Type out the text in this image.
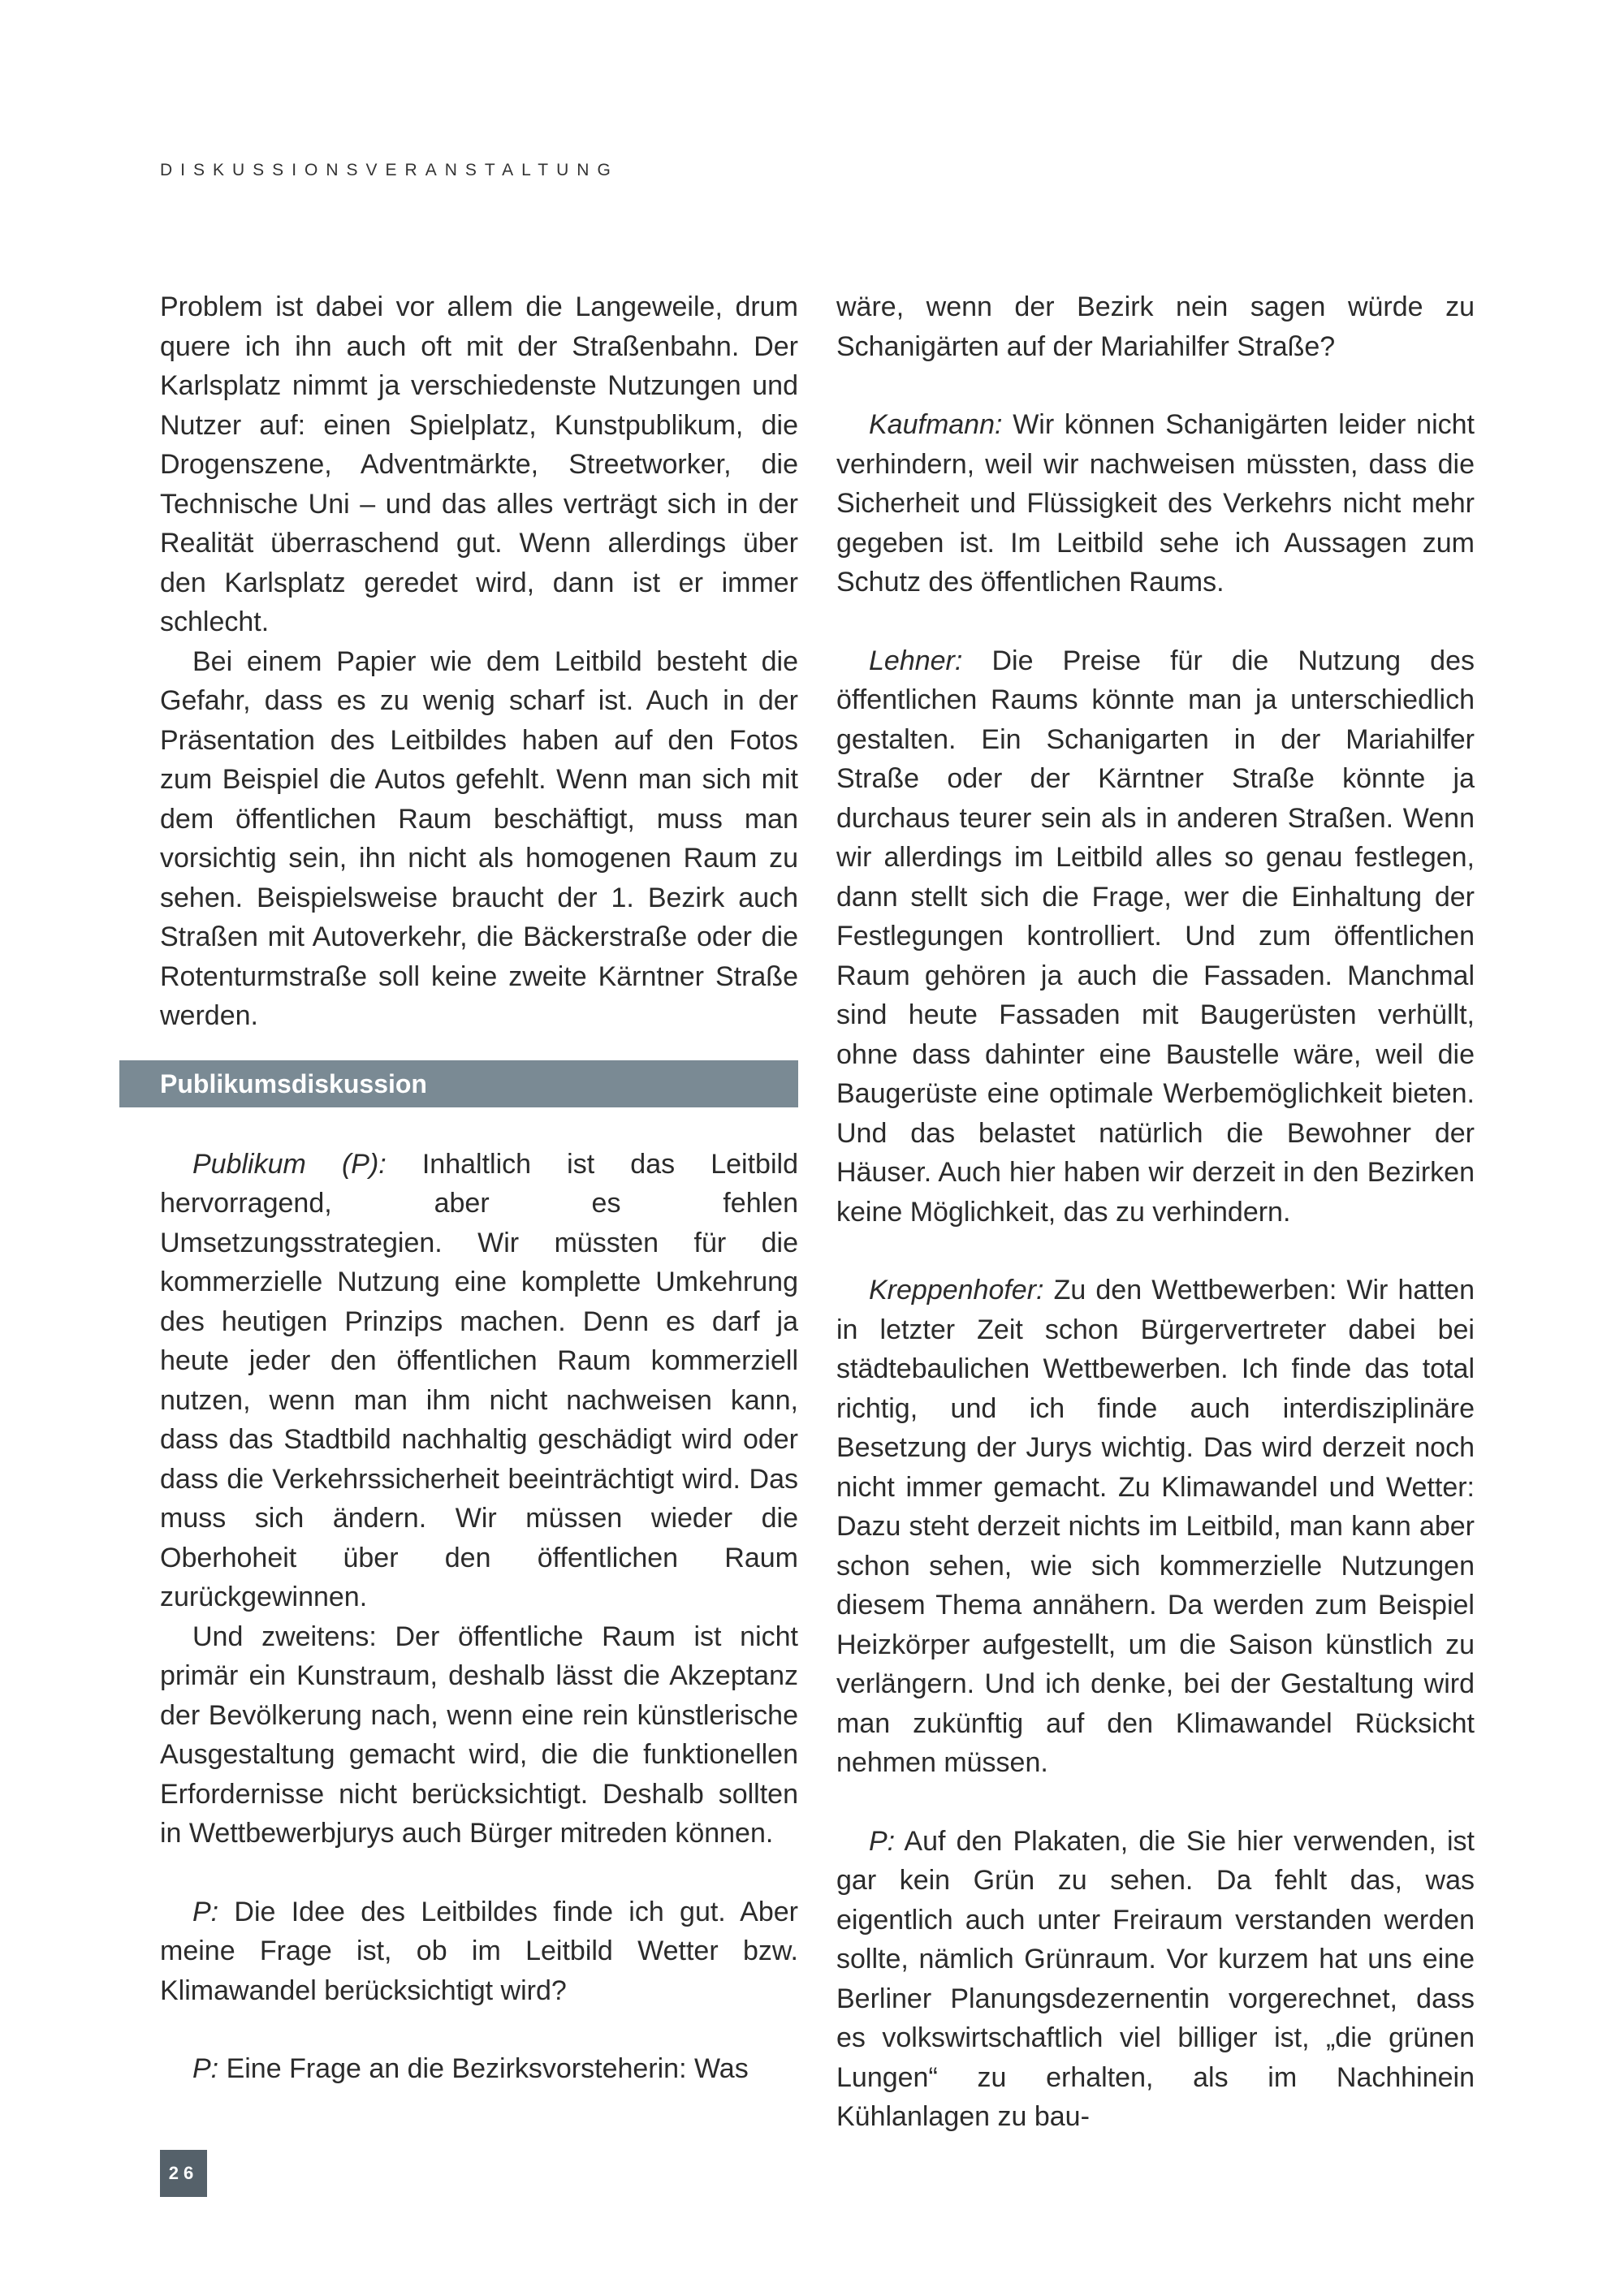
DISKUSSIONSVERANSTALTUNG

Problem ist dabei vor allem die Langeweile, drum quere ich ihn auch oft mit der Straßenbahn. Der Karlsplatz nimmt ja verschiedenste Nutzungen und Nutzer auf: einen Spielplatz, Kunstpublikum, die Drogenszene, Adventmärkte, Streetworker, die Technische Uni – und das alles verträgt sich in der Realität überraschend gut. Wenn allerdings über den Karlsplatz geredet wird, dann ist er immer schlecht.

Bei einem Papier wie dem Leitbild besteht die Gefahr, dass es zu wenig scharf ist. Auch in der Präsentation des Leitbildes haben auf den Fotos zum Beispiel die Autos gefehlt. Wenn man sich mit dem öffentlichen Raum beschäftigt, muss man vorsichtig sein, ihn nicht als homogenen Raum zu sehen. Beispielsweise braucht der 1. Bezirk auch Straßen mit Autoverkehr, die Bäckerstraße oder die Rotenturmstraße soll keine zweite Kärntner Straße werden.

Publikumsdiskussion

Publikum (P): Inhaltlich ist das Leitbild hervorragend, aber es fehlen Umsetzungsstrategien. Wir müssten für die kommerzielle Nutzung eine komplette Umkehrung des heutigen Prinzips machen. Denn es darf ja heute jeder den öffentlichen Raum kommerziell nutzen, wenn man ihm nicht nachweisen kann, dass das Stadtbild nachhaltig geschädigt wird oder dass die Verkehrssicherheit beeinträchtigt wird. Das muss sich ändern. Wir müssen wieder die Oberhoheit über den öffentlichen Raum zurückgewinnen.

Und zweitens: Der öffentliche Raum ist nicht primär ein Kunstraum, deshalb lässt die Akzeptanz der Bevölkerung nach, wenn eine rein künstlerische Ausgestaltung gemacht wird, die die funktionellen Erfordernisse nicht berücksichtigt. Deshalb sollten in Wettbewerbjurys auch Bürger mitreden können.

P: Die Idee des Leitbildes finde ich gut. Aber meine Frage ist, ob im Leitbild Wetter bzw. Klimawandel berücksichtigt wird?

P: Eine Frage an die Bezirksvorsteherin: Was

wäre, wenn der Bezirk nein sagen würde zu Schanigärten auf der Mariahilfer Straße?

Kaufmann: Wir können Schanigärten leider nicht verhindern, weil wir nachweisen müssten, dass die Sicherheit und Flüssigkeit des Verkehrs nicht mehr gegeben ist. Im Leitbild sehe ich Aussagen zum Schutz des öffentlichen Raums.

Lehner: Die Preise für die Nutzung des öffentlichen Raums könnte man ja unterschiedlich gestalten. Ein Schanigarten in der Mariahilfer Straße oder der Kärntner Straße könnte ja durchaus teurer sein als in anderen Straßen. Wenn wir allerdings im Leitbild alles so genau festlegen, dann stellt sich die Frage, wer die Einhaltung der Festlegungen kontrolliert. Und zum öffentlichen Raum gehören ja auch die Fassaden. Manchmal sind heute Fassaden mit Baugerüsten verhüllt, ohne dass dahinter eine Baustelle wäre, weil die Baugerüste eine optimale Werbemöglichkeit bieten. Und das belastet natürlich die Bewohner der Häuser. Auch hier haben wir derzeit in den Bezirken keine Möglichkeit, das zu verhindern.

Kreppenhofer: Zu den Wettbewerben: Wir hatten in letzter Zeit schon Bürgervertreter dabei bei städtebaulichen Wettbewerben. Ich finde das total richtig, und ich finde auch interdisziplinäre Besetzung der Jurys wichtig. Das wird derzeit noch nicht immer gemacht. Zu Klimawandel und Wetter: Dazu steht derzeit nichts im Leitbild, man kann aber schon sehen, wie sich kommerzielle Nutzungen diesem Thema annähern. Da werden zum Beispiel Heizkörper aufgestellt, um die Saison künstlich zu verlängern. Und ich denke, bei der Gestaltung wird man zukünftig auf den Klimawandel Rücksicht nehmen müssen.

P: Auf den Plakaten, die Sie hier verwenden, ist gar kein Grün zu sehen. Da fehlt das, was eigentlich auch unter Freiraum verstanden werden sollte, nämlich Grünraum. Vor kurzem hat uns eine Berliner Planungsdezernentin vorgerechnet, dass es volkswirtschaftlich viel billiger ist, „die grünen Lungen“ zu erhalten, als im Nachhinein Kühlanlagen zu bau-

26
